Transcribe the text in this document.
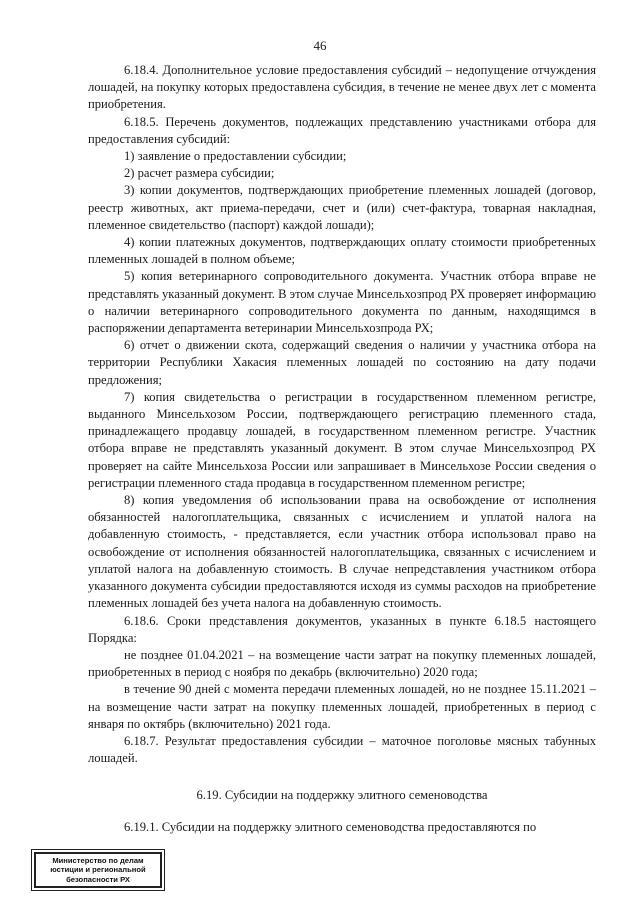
46

6.18.4. Дополнительное условие предоставления субсидий – недопущение отчуждения лошадей, на покупку которых предоставлена субсидия, в течение не менее двух лет с момента приобретения.

6.18.5. Перечень документов, подлежащих представлению участниками отбора для предоставления субсидий:

1) заявление о предоставлении субсидии;

2) расчет размера субсидии;

3) копии документов, подтверждающих приобретение племенных лошадей (договор, реестр животных, акт приема-передачи, счет и (или) счет-фактура, товарная накладная, племенное свидетельство (паспорт) каждой лошади);

4) копии платежных документов, подтверждающих оплату стоимости приобретенных племенных лошадей в полном объеме;

5) копия ветеринарного сопроводительного документа. Участник отбора вправе не представлять указанный документ. В этом случае Минсельхозпрод РХ проверяет информацию о наличии ветеринарного сопроводительного документа по данным, находящимся в распоряжении департамента ветеринарии Минсельхозпрода РХ;

6) отчет о движении скота, содержащий сведения о наличии у участника отбора на территории Республики Хакасия племенных лошадей по состоянию на дату подачи предложения;

7) копия свидетельства о регистрации в государственном племенном регистре, выданного Минсельхозом России, подтверждающего регистрацию племенного стада, принадлежащего продавцу лошадей, в государственном племенном регистре. Участник отбора вправе не представлять указанный документ. В этом случае Минсельхозпрод РХ проверяет на сайте Минсельхоза России или запрашивает в Минсельхозе России сведения о регистрации племенного стада продавца в государственном племенном регистре;

8) копия уведомления об использовании права на освобождение от исполнения обязанностей налогоплательщика, связанных с исчислением и уплатой налога на добавленную стоимость, - представляется, если участник отбора использовал право на освобождение от исполнения обязанностей налогоплательщика, связанных с исчислением и уплатой налога на добавленную стоимость. В случае непредставления участником отбора указанного документа субсидии предоставляются исходя из суммы расходов на приобретение племенных лошадей без учета налога на добавленную стоимость.

6.18.6. Сроки представления документов, указанных в пункте 6.18.5 настоящего Порядка:

не позднее 01.04.2021 – на возмещение части затрат на покупку племенных лошадей, приобретенных в период с ноября по декабрь (включительно) 2020 года;

в течение 90 дней с момента передачи племенных лошадей, но не позднее 15.11.2021 – на возмещение части затрат на покупку племенных лошадей, приобретенных в период с января по октябрь (включительно) 2021 года.

6.18.7. Результат предоставления субсидии – маточное поголовье мясных табунных лошадей.

6.19. Субсидии на поддержку элитного семеноводства

6.19.1. Субсидии на поддержку элитного семеноводства предоставляются по

Министерство по делам
юстиции и региональной
безопасности РХ
